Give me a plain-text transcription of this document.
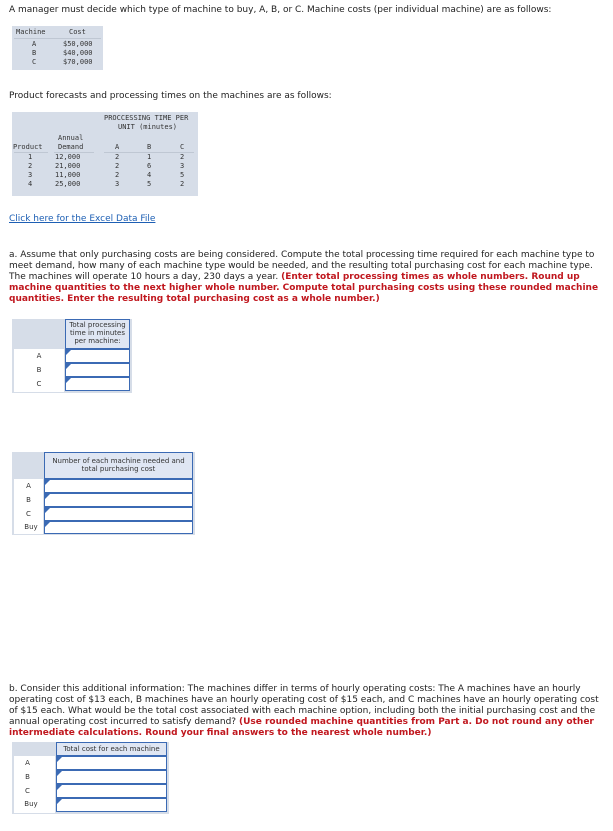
A manager must decide which type of machine to buy, A, B, or C. Machine costs (per individual machine) are as follows:
Machine	Cost
A	$50,000
B	$40,000
C	$70,000
Product forecasts and processing times on the machines are as follows:
PROCCESSING TIME PER
UNIT (minutes)
Annual
Product Demand	A	B	C
1	12,000	2	1	2
2	21,000	2	6	3
3	11,000	2	4	5
4	25,000	3	5	2
Click here for the Excel Data File
a. Assume that only purchasing costs are being considered. Compute the total processing time required for each machine type to meet demand, how many of each machine type would be needed, and the resulting total purchasing cost for each machine type. The machines will operate 10 hours a day, 230 days a year. (Enter total processing times as whole numbers. Round up machine quantities to the next higher whole number. Compute total purchasing costs using these rounded machine quantities. Enter the resulting total purchasing cost as a whole number.)
Total processing time in minutes per machine:
A
B
C
Number of each machine needed and total purchasing cost
A
B
C
Buy
b. Consider this additional information: The machines differ in terms of hourly operating costs: The A machines have an hourly operating cost of $13 each, B machines have an hourly operating cost of $15 each, and C machines have an hourly operating cost of $15 each. What would be the total cost associated with each machine option, including both the initial purchasing cost and the annual operating cost incurred to satisfy demand? (Use rounded machine quantities from Part a. Do not round any other intermediate calculations. Round your final answers to the nearest whole number.)
Total cost for each machine
A
B
C
Buy
